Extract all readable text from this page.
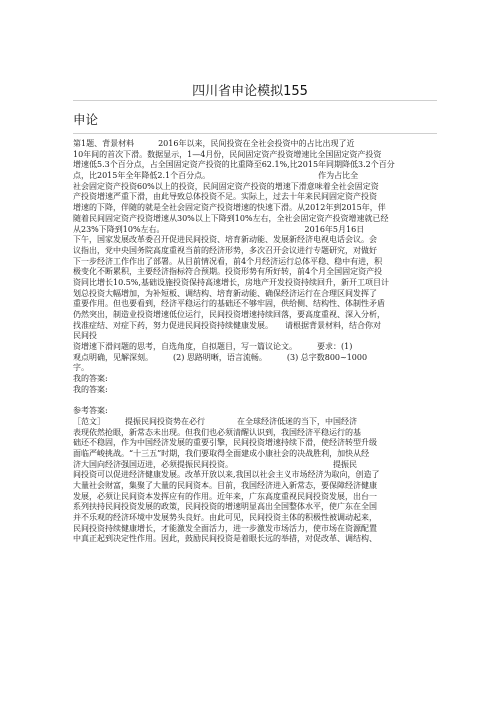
四川省申论模拟155
申论
第1题、背景材料　　　2016年以来，民间投资在全社会投资中的占比出现了近
10年间的首次下滑。数据显示，1—4月份，民间固定资产投资增速比全国固定资产投资
增速低5.3个百分点，占全国固定资产投资的比重降至62.1%,比2015年同期降低3.2个百分
点，比2015年全年降低2.1个百分点。　　　　　　　　　　　　　　作为占比全
社会固定资产投资60%以上的投资，民间固定资产投资的增速下滑意味着全社会固定资
产投资增速严重下滑，由此导致总体投资不足。实际上，过去十年来民间固定资产投资
增速的下降，伴随的就是全社会固定资产投资增速的快速下滑。从2012年到2015年，伴
随着民间固定资产投资增速从30%以上下降到10%左右，全社会固定资产投资增速就已经
从23%下降到10%左右。　　　　　　　　　　　　　　　　　　2016年5月16日
下午，国家发展改革委召开促进民间投资、培育新动能、发展新经济电视电话会议。会
议指出，党中央国务院高度重视当前的经济形势，多次召开会议进行专题研究，对做好
下一步经济工作作出了部署。从目前情况看，前4个月经济运行总体平稳、稳中有进，积
极变化不断累积，主要经济指标符合预期。投资形势有所好转，前4个月全国固定资产投
资同比增长10.5%,基础设施投资保持高速增长，房地产开发投资持续回升，新开工项目计
划总投资大幅增加，为补短板、调结构、培育新动能、确保经济运行在合理区间发挥了
重要作用。但也要看到，经济平稳运行的基础还不够牢固，供给侧、结构性、体制性矛盾
仍然突出，制造业投资增速低位运行，民间投资增速持续回落，要高度重视、深入分析，
找准症结、对症下药，努力促进民间投资持续健康发展。　　请根据背景材料，结合你对
民间投
资增速下滑问题的思考，自选角度，自拟题目，写一篇议论文。　　　要求：(1)
观点明确，见解深刻。　　　(2) 思路明晰，语言流畅。　　　(3) 总字数800~1000
字。
我的答案:
我的答案:
参考答案:
［范文］　　　提振民间投资势在必行　　　　在全球经济低迷的当下，中国经济
表现依然抢眼，新常态未出现。但我们也必须清醒认识到，我国经济平稳运行的基
础还不稳固，作为中国经济发展的重要引擎，民间投资增速持续下滑，使经济转型升级
面临严峻挑战。“十三五”时期，我们要取得全面建成小康社会的决战胜利，加快从经
济大国向经济强国迈进，必须提振民间投资。　　　　　　　　　　　　　提振民
间投资可以促进经济健康发展。改革开放以来,我国以社会主义市场经济为取向，创造了
大量社会财富，集聚了大量的民间资本。目前，我国经济进入新常态，要保障经济健康
发展，必须让民间资本发挥应有的作用。近年来，广东高度重视民间投资发展，出台一
系列扶持民间投资发展的政策，民间投资的增速明显高出全国整体水平，使广东在全国
并不乐观的经济环境中发展势头良好。由此可见，民间投资主体的积极性被调动起来，
民间投资持续健康增长，才能激发全面活力，进一步激发市场活力，使市场在资源配置
中真正起到决定性作用。因此，鼓励民间投资是着眼长远的举措，对促改革、调结构、
